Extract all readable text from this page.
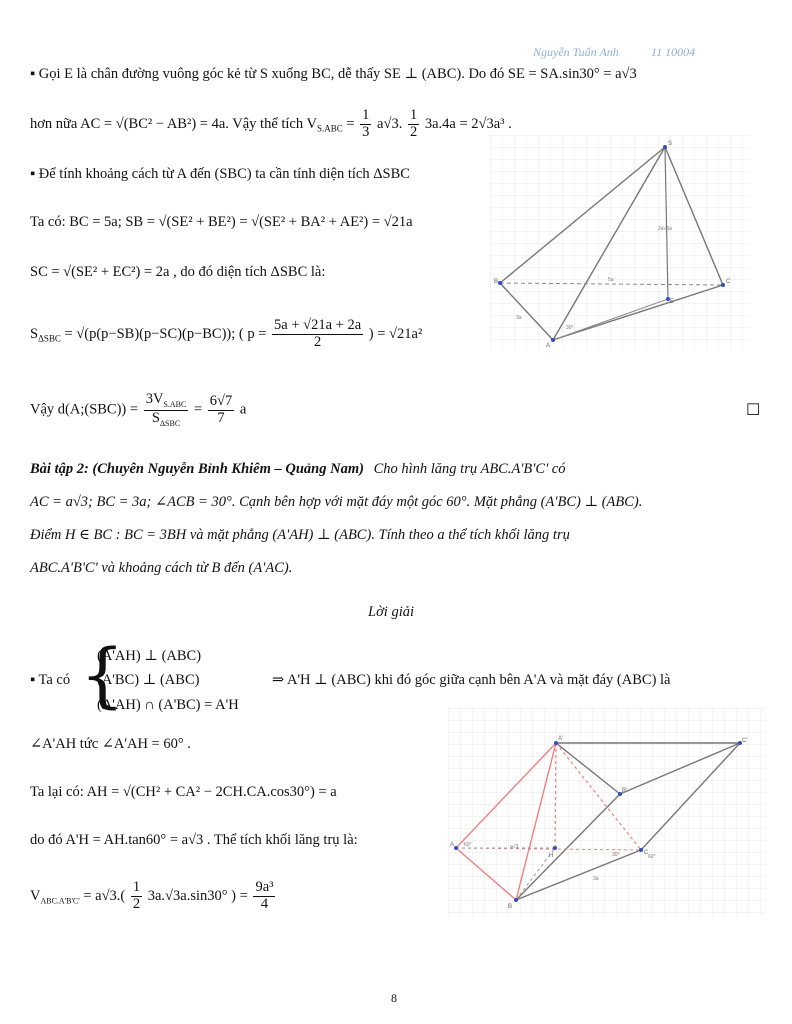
Nguyễn Tuấn Anh	11 10004
▪ Gọi E là chân đường vuông góc kẻ từ S xuống BC, dễ thấy SE ⊥ (ABC). Do đó SE = SA.sin30° = a√3
hơn nữa AC = √(BC² − AB²) = 4a. Vậy thể tích $V_{S.ABC} = \frac{1}{3} a√3$. $\frac{1}{2} 3a.4a = 2√3a^3$ .
▪ Để tính khoảng cách từ A đến (SBC) ta cần tính diện tích ΔSBC
Ta có: BC = 5a; SB = √(SE² + BE²) = √(SE² + BA² + AE²) = √21a
SC = √(SE² + EC²) = 2a , do đó diện tích ΔSBC là:
$S_{\Delta SBC} = √(p(p-SB)(p-SC)(p-BC))$; ( $p = \frac{5a + √21a + 2a}{2}$ ) = √21a²
Vậy d(A;(SBC)) = $\frac{3V_{S.ABC}}{S_{\Delta SBC}} = \frac{6√7}{7}$ a	☐
S
B	C
A
E
2a√3a
5a
3a
30°
Bài tập 2: (Chuyên Nguyễn Bỉnh Khiêm – Quảng Nam) Cho hình lăng trụ ABC.A'B'C' có
AC = a√3; BC = 3a; ∠ACB = 30°. Cạnh bên hợp với mặt đáy một góc 60°. Mặt phẳng (A'BC) ⊥ (ABC).
Điểm H ∈ BC : BC = 3BH và mặt phẳng (A'AH) ⊥ (ABC). Tính theo a thể tích khối lăng trụ
ABC.A'B'C' và khoảng cách từ B đến (A'AC).
Lời giải
▪ Ta có {
(A'AH) ⊥ (ABC)
(A'BC) ⊥ (ABC)
(A'AH) ∩ (A'BC) = A'H
⇒ A'H ⊥ (ABC) khi đó góc giữa cạnh bên A'A và mặt đáy (ABC) là
∠A'AH tức ∠A'AH = 60° .
Ta lại có: AH = √(CH² + CA² − 2CH.CA.cos30°) = a
do đó A'H = AH.tan60° = a√3 . Thể tích khối lăng trụ là:
$V_{ABC.A'B'C'} = a√3.( \frac{1}{2} 3a.√3a.\sin 30^\circ$ ) = $\frac{\text{9a³}}{4}$
A'	C'
B'
A
C
B
H
a√3
60°
60°
30°
3a
8
